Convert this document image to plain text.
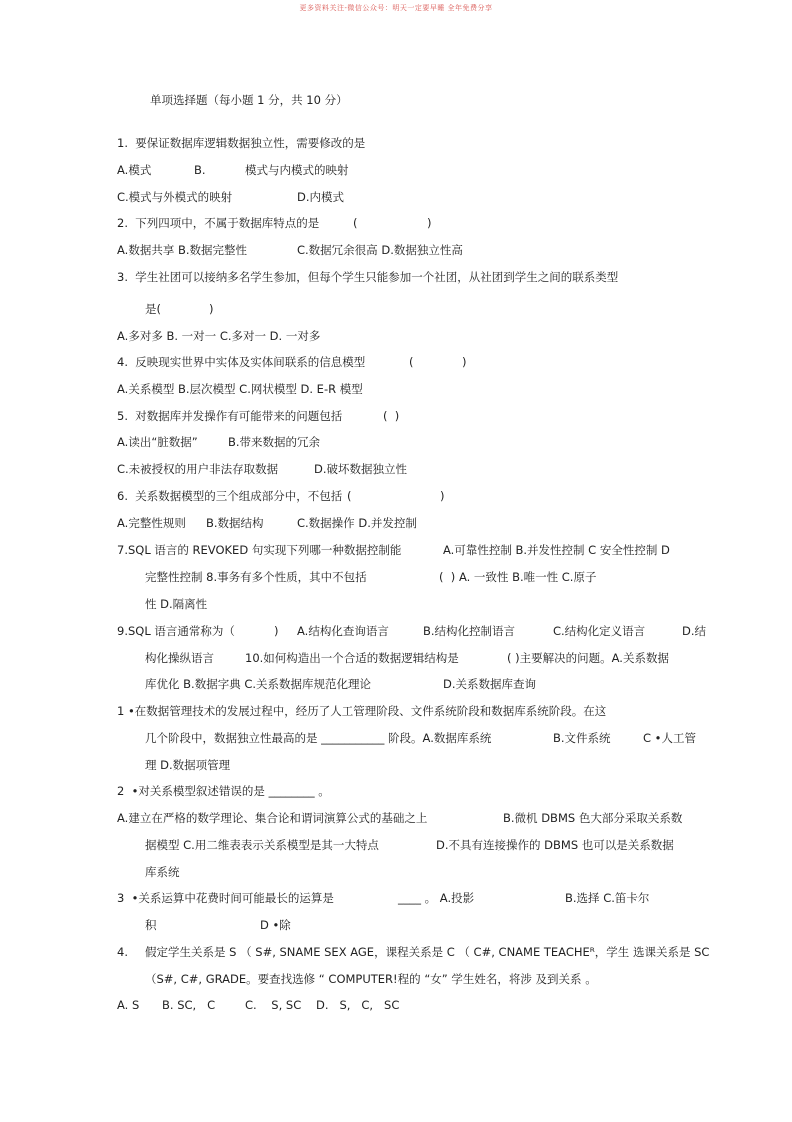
更多资料关注-微信公众号：明天一定要早睡 全年免费分享
单项选择题（每小题 1 分，共 10 分）
1.  要保证数据库逻辑数据独立性，需要修改的是
A.模式	B.	模式与内模式的映射
C.模式与外模式的映射	D.内模式
2.  下列四项中，不属于数据库特点的是	(	)
A.数据共享 B.数据完整性	C.数据冗余很高 D.数据独立性高
3.  学生社团可以接纳多名学生参加，但每个学生只能参加一个社团，从社团到学生之间的联系类型
是(	)
A.多对多 B. 一对一 C.多对一 D. 一对多
4.  反映现实世界中实体及实体间联系的信息模型	(	)
A.关系模型 B.层次模型 C.网状模型 D. E-R 模型
5.  对数据库并发操作有可能带来的问题包括	(  )
A.读出“脏数据”	B.带来数据的冗余
C.未被授权的用户非法存取数据	D.破坏数据独立性
6.  关系数据模型的三个组成部分中，不包括 (	)
A.完整性规则 B.数据结构	C.数据操作 D.并发控制
7.SQL 语言的 REVOKED 句实现下列哪一种数据控制能	A.可靠性控制 B.并发性控制 C 安全性控制 D
完整性控制 8.事务有多个性质，其中不包括	(  ) A. 一致性 B.唯一性 C.原子
性 D.隔离性
9.SQL 语言通常称为（	) A.结构化查询语言	B.结构化控制语言	C.结构化定义语言	D.结
构化操纵语言	10.如何构造出一个合适的数据逻辑结构是	( )主要解决的问题。A.关系数据
库优化 B.数据字典 C.关系数据库规范化理论	D.关系数据库查询
1 •在数据管理技术的发展过程中，经历了人工管理阶段、文件系统阶段和数据库系统阶段。在这
几个阶段中，数据独立性最高的是 ___________ 阶段。A.数据库系统	B.文件系统	C •人工管
理 D.数据项管理
2  •对关系模型叙述错误的是 ________ 。
A.建立在严格的数学理论、集合论和谓词演算公式的基础之上	B.微机 DBMS 色大部分采取关系数
据模型 C.用二维表表示关系模型是其一大特点	D.不具有连接操作的 DBMS 也可以是关系数据
库系统
3  •关系运算中花费时间可能最长的运算是	____ 。 A.投影	B.选择 C.笛卡尔
积	D •除
4. 假定学生关系是 S （ S#, SNAME SEX AGE，课程关系是 C （ C#, CNAME TEACHEᴿ，学生 选课关系是 SC
（S#, C#, GRADE。要查找选修 “ COMPUTER!程的 “女” 学生姓名，将涉 及到关系 。
A. S B. SC,   C	C.    S, SC D.   S,   C,   SC
